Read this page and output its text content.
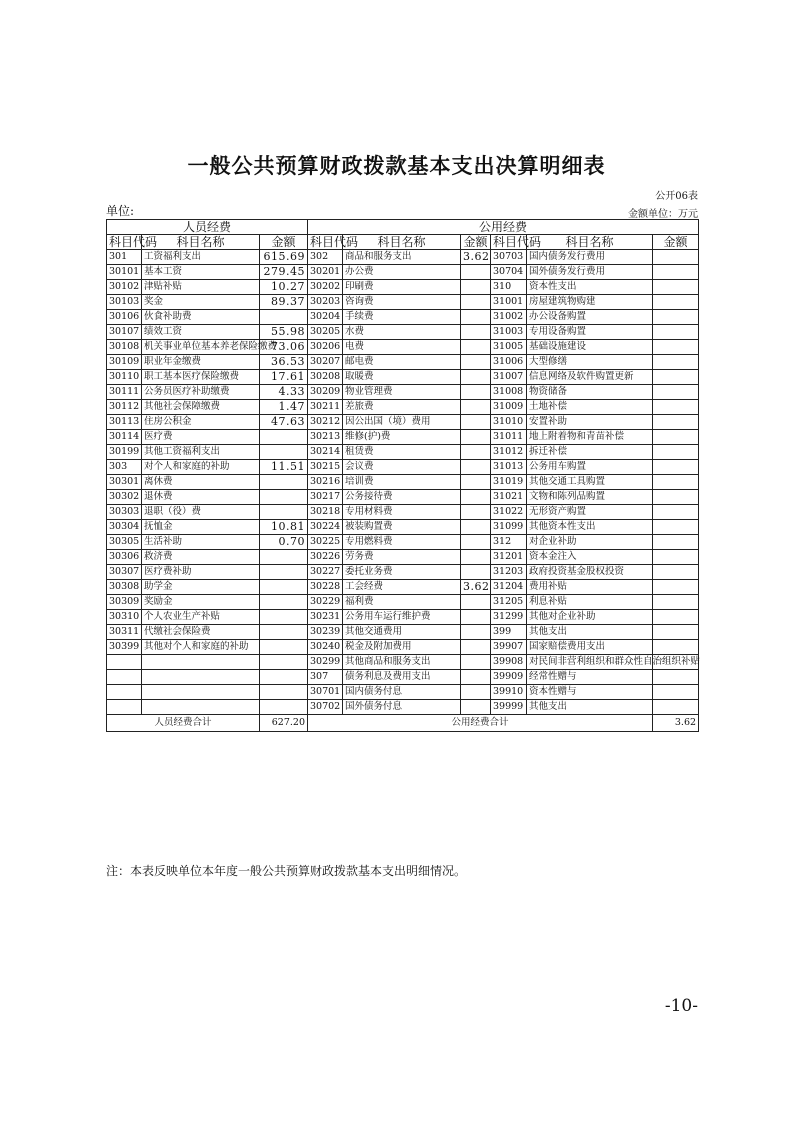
一般公共预算财政拨款基本支出决算明细表
公开06表
单位:	金额单位：万元
人员经费			公用经费					
科目代码	科目名称	金额	科目代码	科目名称	金额	科目代码	科目名称	金额
301	工资福利支出	615.69	302	商品和服务支出	3.62	30703	国内债务发行费用	
30101	基本工资	279.45	30201	办公费		30704	国外债务发行费用	
30102	津贴补贴	10.27	30202	印刷费		310	资本性支出	
30103	奖金	89.37	30203	咨询费		31001	房屋建筑物购建	
30106	伙食补助费		30204	手续费		31002	办公设备购置	
30107	绩效工资	55.98	30205	水费		31003	专用设备购置	
30108	机关事业单位基本养老保险缴费	73.06	30206	电费		31005	基础设施建设	
30109	职业年金缴费	36.53	30207	邮电费		31006	大型修缮	
30110	职工基本医疗保险缴费	17.61	30208	取暖费		31007	信息网络及软件购置更新	
30111	公务员医疗补助缴费	4.33	30209	物业管理费		31008	物资储备	
30112	其他社会保障缴费	1.47	30211	差旅费		31009	土地补偿	
30113	住房公积金	47.63	30212	因公出国（境）费用		31010	安置补助	
30114	医疗费		30213	维修(护)费		31011	地上附着物和青苗补偿	
30199	其他工资福利支出		30214	租赁费		31012	拆迁补偿	
303	对个人和家庭的补助	11.51	30215	会议费		31013	公务用车购置	
30301	离休费		30216	培训费		31019	其他交通工具购置	
30302	退休费		30217	公务接待费		31021	文物和陈列品购置	
30303	退职（役）费		30218	专用材料费		31022	无形资产购置	
30304	抚恤金	10.81	30224	被装购置费		31099	其他资本性支出	
30305	生活补助	0.70	30225	专用燃料费		312	对企业补助	
30306	救济费		30226	劳务费		31201	资本金注入	
30307	医疗费补助		30227	委托业务费		31203	政府投资基金股权投资	
30308	助学金		30228	工会经费	3.62	31204	费用补贴	
30309	奖励金		30229	福利费		31205	利息补贴	
30310	个人农业生产补贴		30231	公务用车运行维护费		31299	其他对企业补助	
30311	代缴社会保险费		30239	其他交通费用		399	其他支出	
30399	其他对个人和家庭的补助		30240	税金及附加费用		39907	国家赔偿费用支出	
			30299	其他商品和服务支出		39908	对民间非营利组织和群众性自治组织补贴	
			307	债务利息及费用支出		39909	经常性赠与	
			30701	国内债务付息		39910	资本性赠与	
			30702	国外债务付息		39999	其他支出	
人员经费合计		627.20	公用经费合计					3.62
注：本表反映单位本年度一般公共预算财政拨款基本支出明细情况。
-10-
